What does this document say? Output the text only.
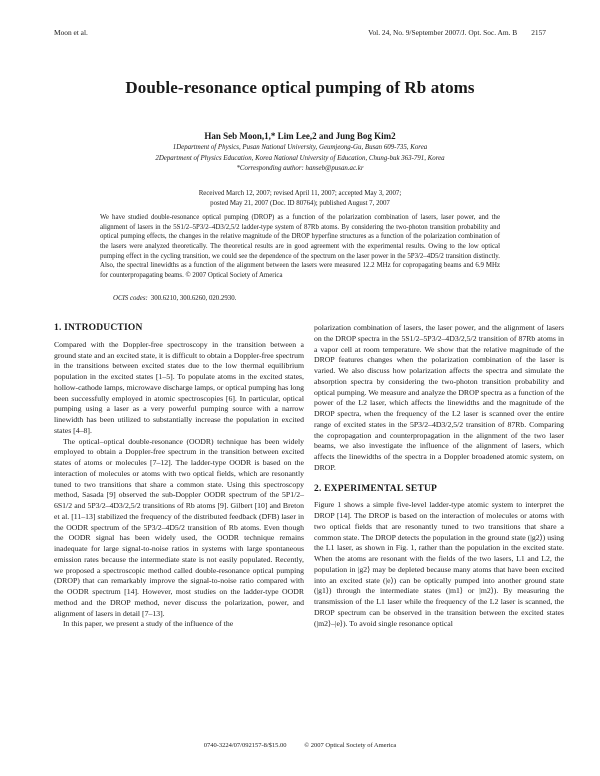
Moon et al.	Vol. 24, No. 9/September 2007/J. Opt. Soc. Am. B 2157
Double-resonance optical pumping of Rb atoms
Han Seb Moon,1,* Lim Lee,2 and Jung Bog Kim2
1Department of Physics, Pusan National University, Geumjeong-Gu, Busan 609-735, Korea
2Department of Physics Education, Korea National University of Education, Chung-buk 363-791, Korea
*Corresponding author: hanseb@pusan.ac.kr
Received March 12, 2007; revised April 11, 2007; accepted May 3, 2007;
posted May 21, 2007 (Doc. ID 80764); published August 7, 2007
We have studied double-resonance optical pumping (DROP) as a function of the polarization combination of lasers, laser power, and the alignment of lasers in the 5S1/2–5P3/2–4D3/2,5/2 ladder-type system of 87Rb atoms. By considering the two-photon transition probability and optical pumping effects, the changes in the relative magnitude of the DROP hyperfine structures as a function of the polarization combination of the lasers were analyzed theoretically. The theoretical results are in good agreement with the experimental results. Owing to the low optical pumping effect in the cycling transition, we could see the dependence of the spectrum on the laser power in the 5P3/2–4D5/2 transition distinctly. Also, the spectral linewidths as a function of the alignment between the lasers were measured 12.2 MHz for copropagating beams and 6.9 MHz for counterpropagating beams. © 2007 Optical Society of America
OCIS codes: 300.6210, 300.6260, 020.2930.
1. INTRODUCTION

Compared with the Doppler-free spectroscopy in the transition between a ground state and an excited state, it is difficult to obtain a Doppler-free spectrum in the transitions between excited states due to the low thermal equilibrium population in the excited states [1–5]. To populate atoms in the excited states, hollow-cathode lamps, microwave discharge lamps, or optical pumping has long been successfully employed in atomic spectroscopies [6]. In particular, optical pumping using a laser as a very powerful pumping source with a narrow linewidth has been utilized to substantially increase the population in excited states [4–8].

The optical–optical double-resonance (OODR) technique has been widely employed to obtain a Doppler-free spectrum in the transition between excited states of atoms or molecules [7–12]. The ladder-type OODR is based on the interaction of molecules or atoms with two optical fields, which are resonantly tuned to two transitions that share a common state. Using this spectroscopy method, Sasada [9] observed the sub-Doppler OODR spectrum of the 5P1/2–6S1/2 and 5P3/2–4D3/2,5/2 transitions of Rb atoms [9]. Gilbert [10] and Breton et al. [11–13] stabilized the frequency of the distributed feedback (DFB) laser in the OODR spectrum of the 5P3/2–4D5/2 transition of Rb atoms. Even though the OODR signal has been widely used, the OODR technique remains inadequate for large signal-to-noise ratios in systems with large spontaneous emission rates because the intermediate state is not easily populated. Recently, we proposed a spectroscopic method called double-resonance optical pumping (DROP) that can remarkably improve the signal-to-noise ratio compared with the OODR spectrum [14]. However, most studies on the ladder-type OODR method and the DROP method, never discuss the polarization, power, and alignment of lasers in detail [7–13].

In this paper, we present a study of the influence of the

polarization combination of lasers, the laser power, and the alignment of lasers on the DROP spectra in the 5S1/2–5P3/2–4D3/2,5/2 transition of 87Rb atoms in a vapor cell at room temperature. We show that the relative magnitude of the DROP features changes when the polarization combination of the laser is varied. We also discuss how polarization affects the spectra and simulate the absorption spectra by considering the two-photon transition probability and optical pumping. We measure and analyze the DROP spectra as a function of the power of the L2 laser, which affects the linewidths and the magnitude of the DROP spectra, when the frequency of the L2 laser is scanned over the entire range of excited states in the 5P3/2–4D3/2,5/2 transition of 87Rb. Comparing the copropagation and counterpropagation in the alignment of the two laser beams, we also investigate the influence of the alignment of lasers, which affects the linewidths of the spectra in a Doppler broadened atomic system, on DROP.

2. EXPERIMENTAL SETUP

Figure 1 shows a simple five-level ladder-type atomic system to interpret the DROP [14]. The DROP is based on the interaction of molecules or atoms with two optical fields that are resonantly tuned to two transitions that share a common state. The DROP detects the population in the ground state (|g2⟩) using the L1 laser, as shown in Fig. 1, rather than the population in the excited state. When the atoms are resonant with the fields of the two lasers, L1 and L2, the population in |g2⟩ may be depleted because many atoms that have been excited into an excited state (|e⟩) can be optically pumped into another ground state (|g1⟩) through the intermediate states (|m1⟩ or |m2⟩). By measuring the transmission of the L1 laser while the frequency of the L2 laser is scanned, the DROP spectrum can be observed in the transition between the excited states (|m2⟩–|e⟩). To avoid single resonance optical

0740-3224/07/092157-8/$15.00	© 2007 Optical Society of America
